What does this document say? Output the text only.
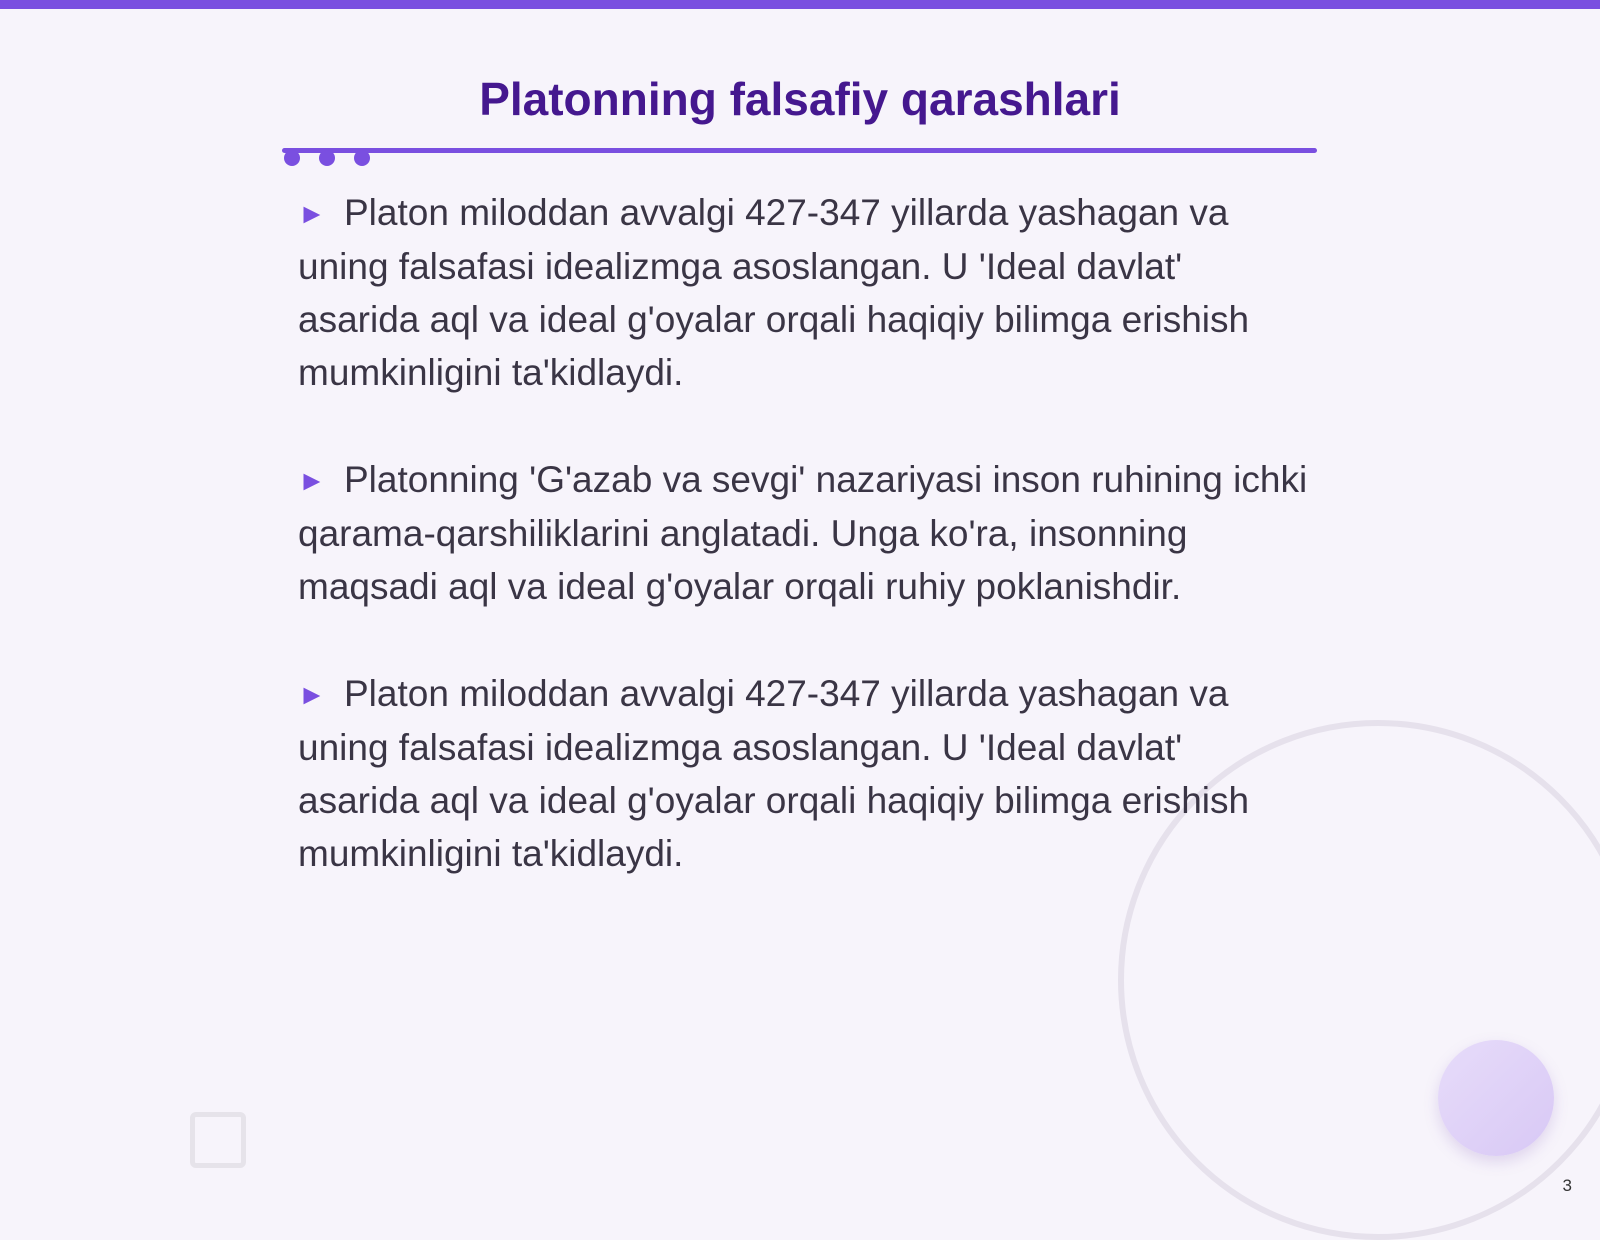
Platonning falsafiy qarashlari

► Platon miloddan avvalgi 427-347 yillarda yashagan va uning falsafasi idealizmga asoslangan. U 'Ideal davlat' asarida aql va ideal g'oyalar orqali haqiqiy bilimga erishish mumkinligini ta'kidlaydi.

► Platonning 'G'azab va sevgi' nazariyasi inson ruhining ichki qarama-qarshiliklarini anglatadi. Unga ko'ra, insonning maqsadi aql va ideal g'oyalar orqali ruhiy poklanishdir.

► Platon miloddan avvalgi 427-347 yillarda yashagan va uning falsafasi idealizmga asoslangan. U 'Ideal davlat' asarida aql va ideal g'oyalar orqali haqiqiy bilimga erishish mumkinligini ta'kidlaydi.

3
